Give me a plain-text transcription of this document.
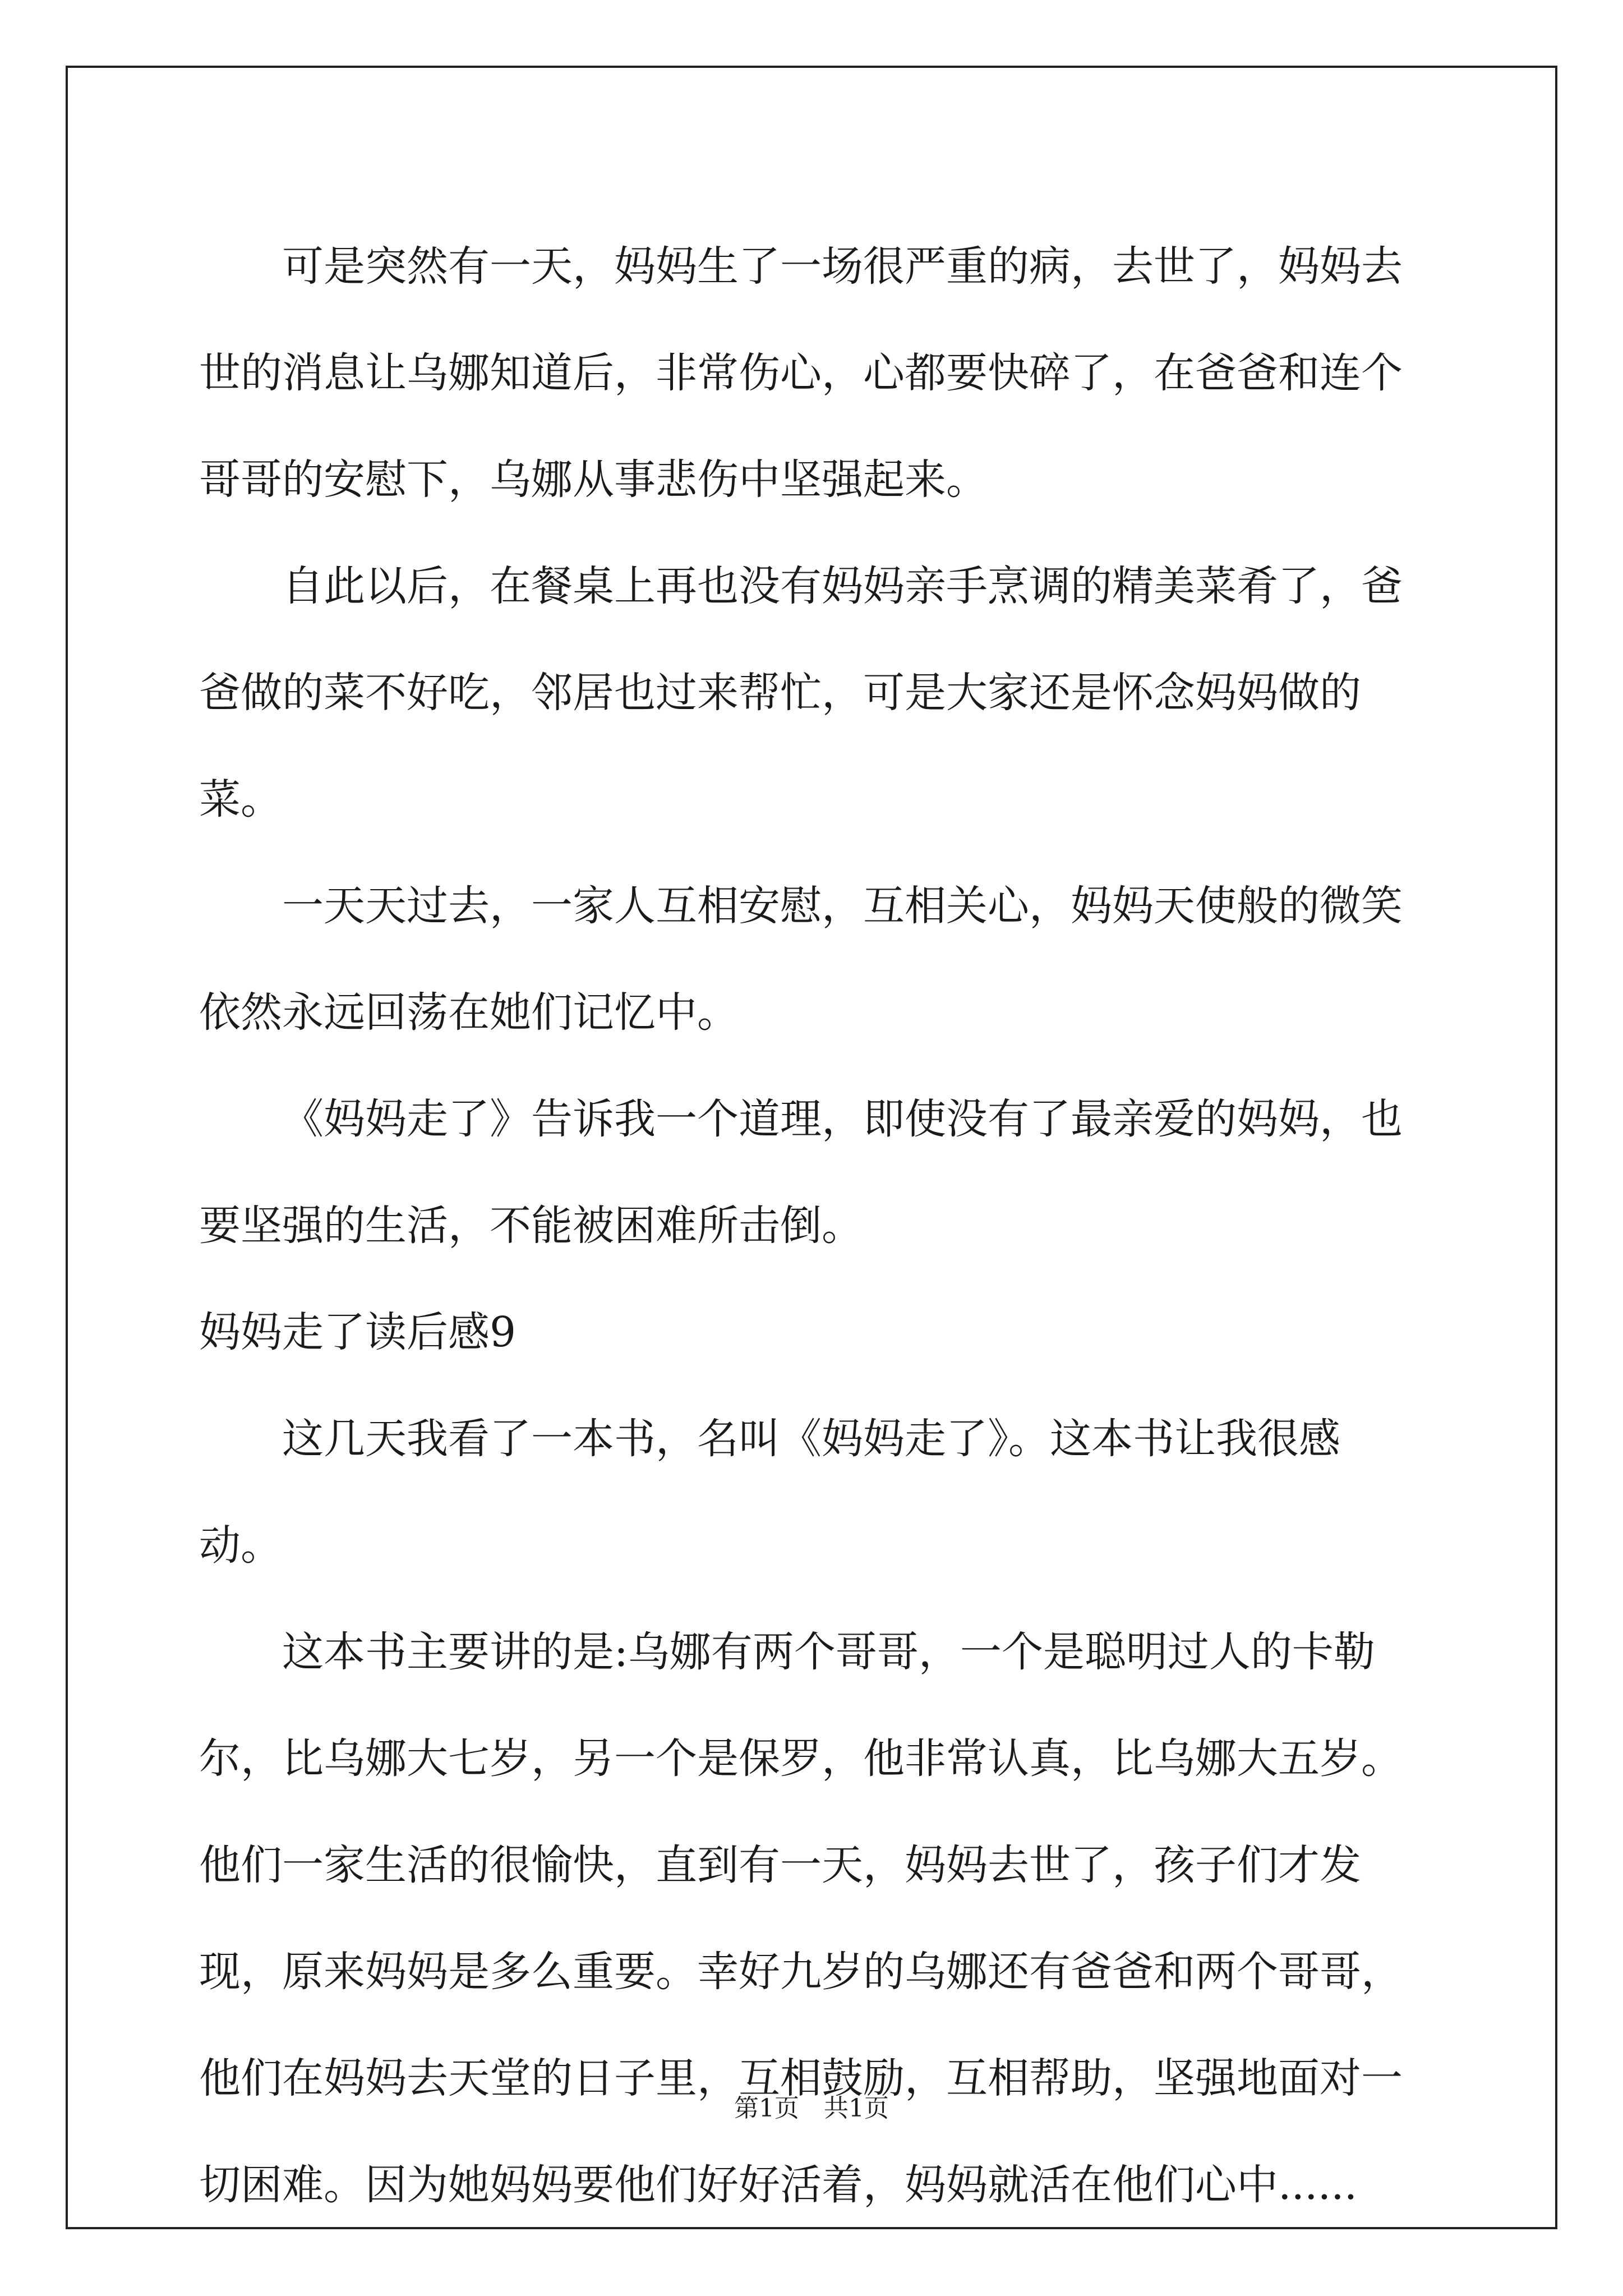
可是突然有一天，妈妈生了一场很严重的病，去世了，妈妈去世的消息让乌娜知道后，非常伤心，心都要快碎了，在爸爸和连个哥哥的安慰下，乌娜从事悲伤中坚强起来。

自此以后，在餐桌上再也没有妈妈亲手烹调的精美菜肴了，爸爸做的菜不好吃，邻居也过来帮忙，可是大家还是怀念妈妈做的菜。

一天天过去，一家人互相安慰，互相关心，妈妈天使般的微笑依然永远回荡在她们记忆中。

《妈妈走了》告诉我一个道理，即使没有了最亲爱的妈妈，也要坚强的生活，不能被困难所击倒。

妈妈走了读后感9

这几天我看了一本书，名叫《妈妈走了》。这本书让我很感动。

这本书主要讲的是:乌娜有两个哥哥，一个是聪明过人的卡勒尔，比乌娜大七岁，另一个是保罗，他非常认真，比乌娜大五岁。他们一家生活的很愉快，直到有一天，妈妈去世了，孩子们才发现，原来妈妈是多么重要。幸好九岁的乌娜还有爸爸和两个哥哥，他们在妈妈去天堂的日子里，互相鼓励，互相帮助，坚强地面对一切困难。因为她妈妈要他们好好活着，妈妈就活在他们心中......

第1页　共1页
